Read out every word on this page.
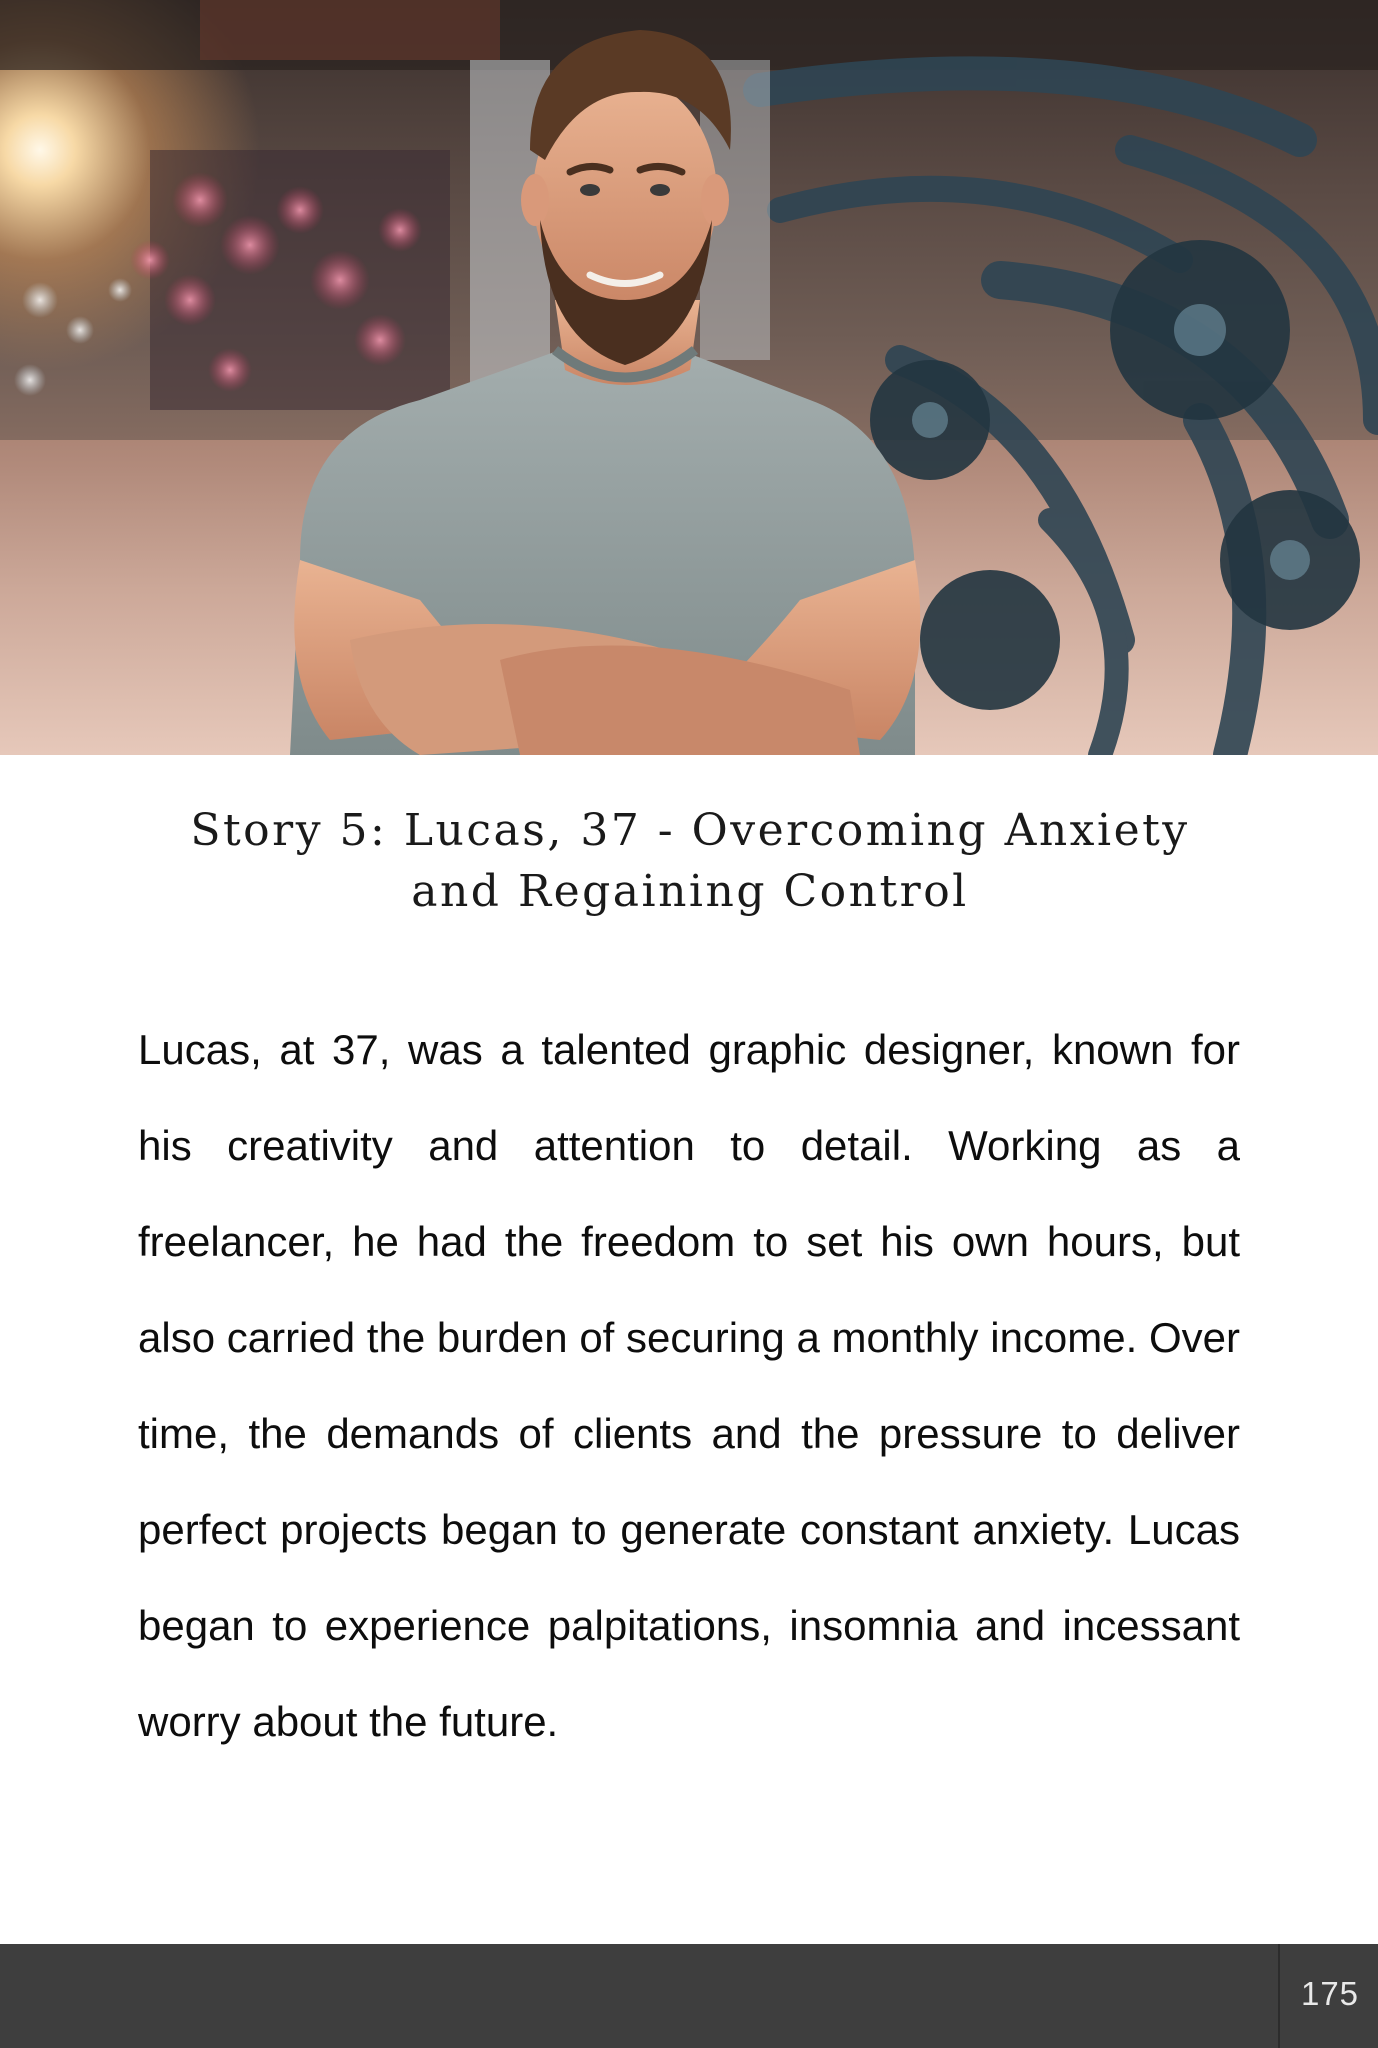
Story 5: Lucas, 37 - Overcoming Anxiety
and Regaining Control

Lucas, at 37, was a talented graphic designer, known for his creativity and attention to detail. Working as a freelancer, he had the freedom to set his own hours, but also carried the burden of securing a monthly income. Over time, the demands of clients and the pressure to deliver perfect projects began to generate constant anxiety. Lucas began to experience palpitations, insomnia and incessant worry about the future.

175
